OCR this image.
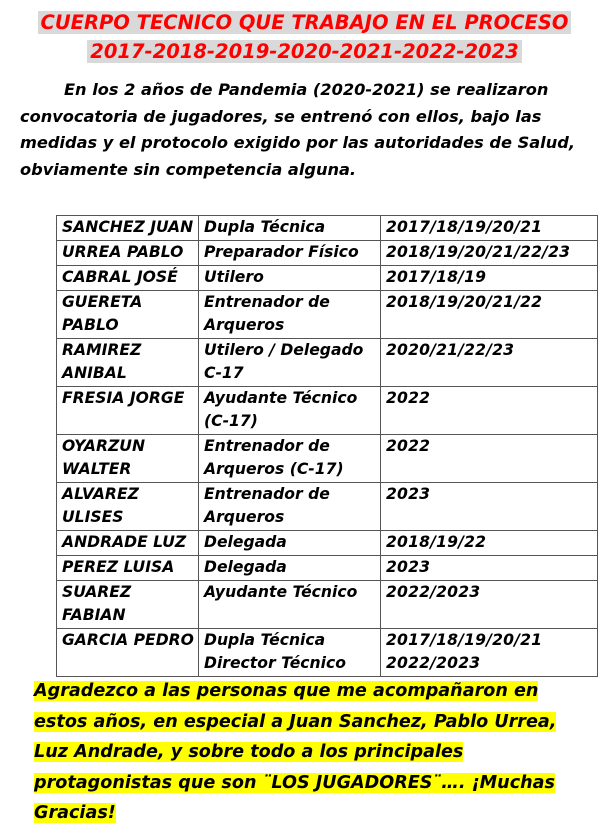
CUERPO TECNICO QUE TRABAJO EN EL PROCESO
2017-2018-2019-2020-2021-2022-2023

En los 2 años de Pandemia (2020-2021) se realizaron convocatoria de jugadores, se entrenó con ellos, bajo las medidas y el protocolo exigido por las autoridades de Salud, obviamente sin competencia alguna.

SANCHEZ JUAN	Dupla Técnica	2017/18/19/20/21
URREA PABLO	Preparador Físico	2018/19/20/21/22/23
CABRAL JOSÉ	Utilero	2017/18/19
GUERETA PABLO	Entrenador de Arqueros	2018/19/20/21/22
RAMIREZ ANIBAL	Utilero / Delegado C-17	2020/21/22/23
FRESIA JORGE	Ayudante Técnico (C-17)	2022
OYARZUN WALTER	Entrenador de Arqueros (C-17)	2022
ALVAREZ ULISES	Entrenador de Arqueros	2023
ANDRADE LUZ	Delegada	2018/19/22
PEREZ LUISA	Delegada	2023
SUAREZ FABIAN	Ayudante Técnico	2022/2023
GARCIA PEDRO	Dupla Técnica Director Técnico	2017/18/19/20/21 2022/2023

Agradezco a las personas que me acompañaron en estos años, en especial a Juan Sanchez, Pablo Urrea, Luz Andrade, y sobre todo a los principales protagonistas que son ¨LOS JUGADORES¨…. ¡Muchas Gracias!
